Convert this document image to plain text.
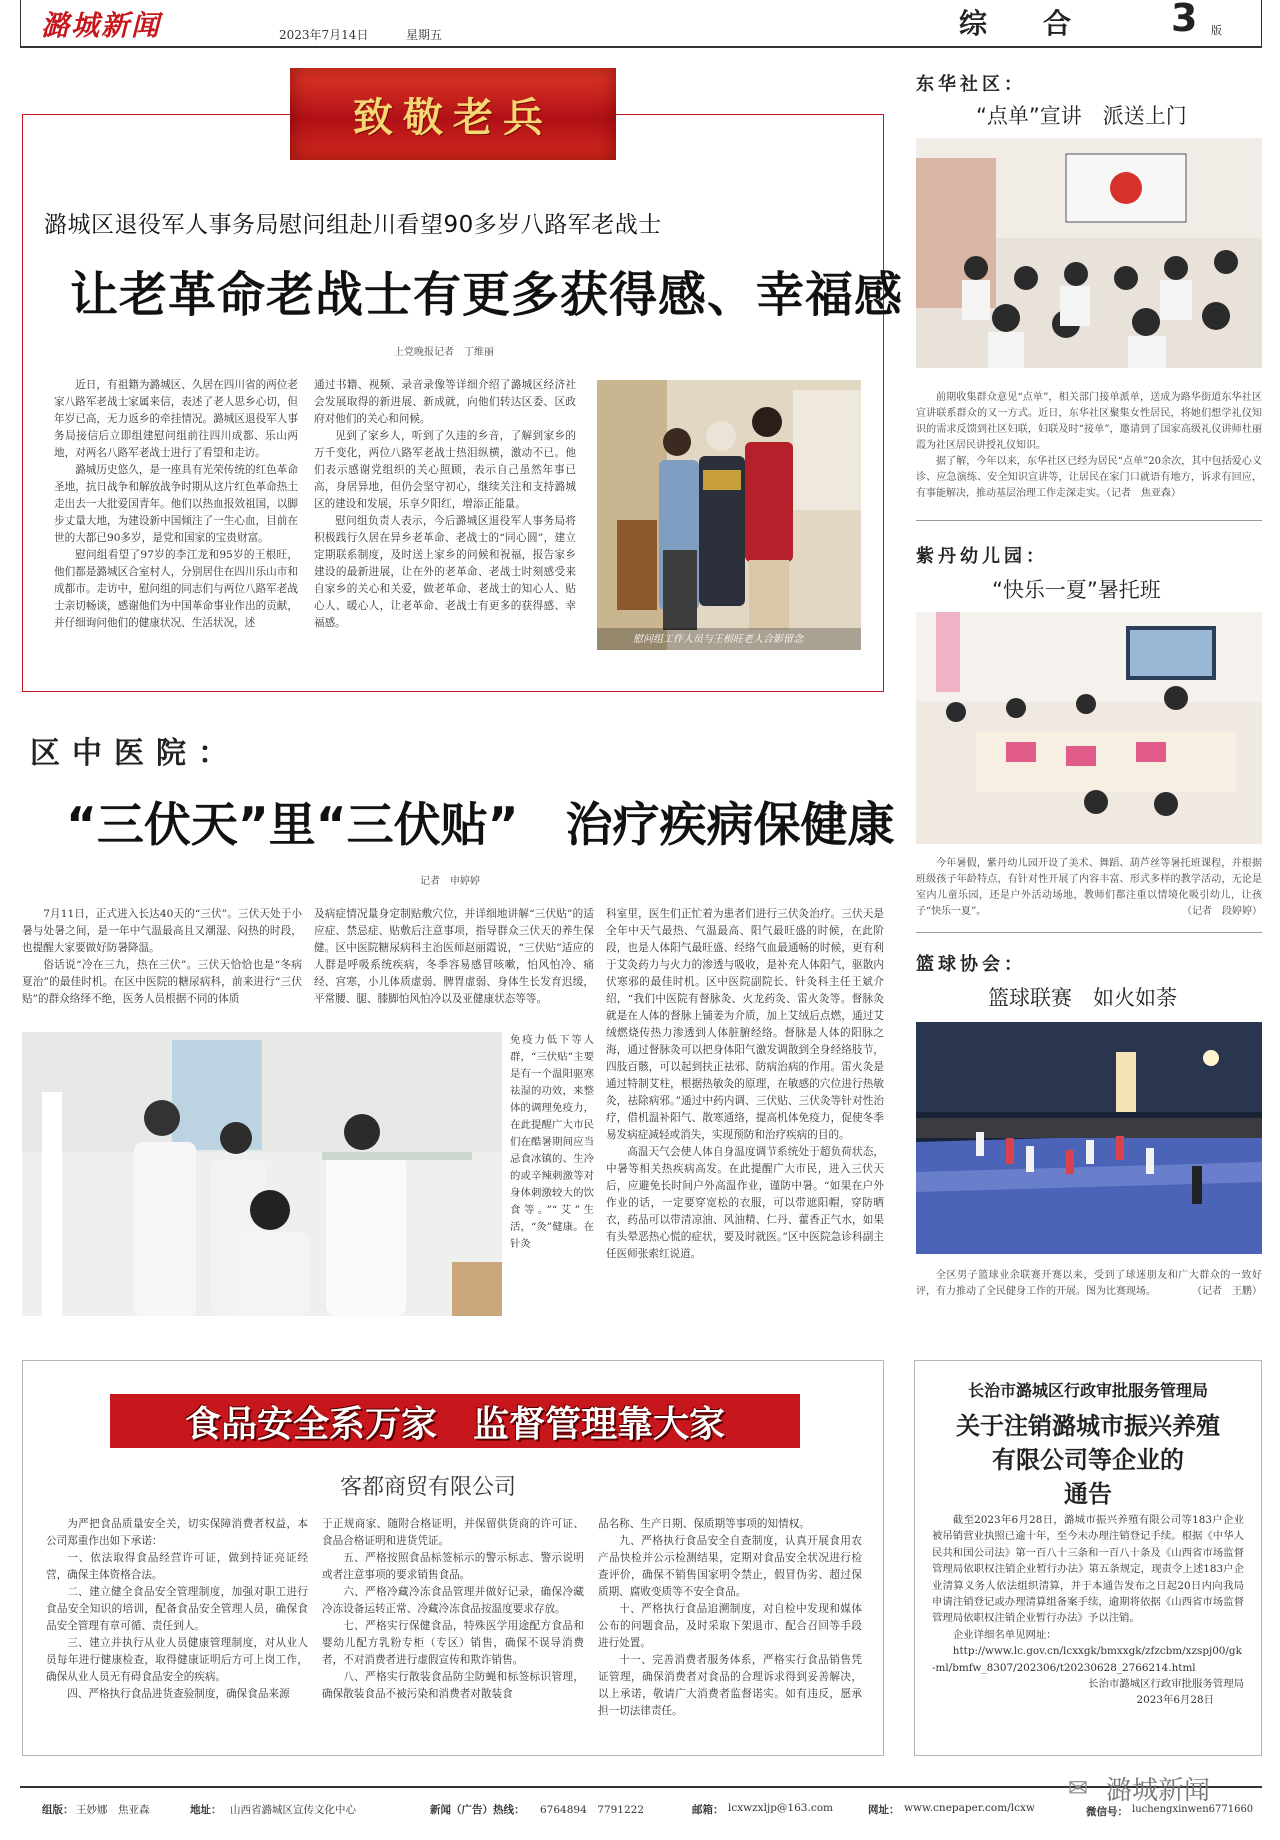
潞城新闻	2023年7月14日	星期五	综　合 3 版
致敬老兵
潞城区退役军人事务局慰问组赴川看望90多岁八路军老战士
让老革命老战士有更多获得感、幸福感
上党晚报记者　丁维丽

近日，有祖籍为潞城区、久居在四川省的两位老家八路军老战士家属来信，表述了老人思乡心切，但年岁已高，无力返乡的牵挂情况。潞城区退役军人事务局接信后立即组建慰问组前往四川成都、乐山两地，对两名八路军老战士进行了看望和走访。

潞城历史悠久，是一座具有光荣传统的红色革命圣地，抗日战争和解放战争时期从这片红色革命热土走出去一大批爱国青年。他们以热血报效祖国，以脚步丈量大地，为建设新中国倾注了一生心血，目前在世的大都已90多岁，是党和国家的宝贵财富。

慰问组看望了97岁的李江龙和95岁的王根旺，他们都是潞城区合室村人，分别居住在四川乐山市和成都市。走访中，慰问组的同志们与两位八路军老战士亲切畅谈，感谢他们为中国革命事业作出的贡献，并仔细询问他们的健康状况、生活状况，述

通过书籍、视频、录音录像等详细介绍了潞城区经济社会发展取得的新进展、新成就，向他们转达区委、区政府对他们的关心和问候。

见到了家乡人，听到了久违的乡音，了解到家乡的万千变化，两位八路军老战士热泪纵横，激动不已。他们表示感谢党组织的关心照顾，表示自己虽然年事已高，身居异地，但仍会坚守初心，继续关注和支持潞城区的建设和发展，乐享夕阳红，增添正能量。

慰问组负责人表示，今后潞城区退役军人事务局将积极践行久居在异乡老革命、老战士的“同心圆”，建立定期联系制度，及时送上家乡的问候和祝福，报告家乡建设的最新进展，让在外的老革命、老战士时刻感受来自家乡的关心和关爱，做老革命、老战士的知心人、贴心人、暖心人，让老革命、老战士有更多的获得感、幸福感。

慰问组工作人员与王根旺老人合影留念
区中医院：
“三伏天”里“三伏贴”　治疗疾病保健康
记者　申婷婷

7月11日，正式进入长达40天的“三伏”。三伏天处于小暑与处暑之间，是一年中气温最高且又潮湿、闷热的时段，也提醒大家要做好防暑降温。

俗话说“冷在三九，热在三伏”。三伏天恰恰也是“冬病夏治”的最佳时机。在区中医院的糖尿病科，前来进行“三伏贴”的群众络绎不绝，医务人员根据不同的体质

及病症情况量身定制贴敷穴位，并详细地讲解“三伏贴”的适应症、禁忌症、贴敷后注意事项，指导群众三伏天的养生保健。区中医院糖尿病科主治医师赵丽霞说，“三伏贴”适应的人群是呼吸系统疾病，冬季容易感冒咳嗽，怕风怕冷、痛经、宫寒，小儿体质虚弱、脾胃虚弱、身体生长发育迟缓，平常腰、腿、膝脚怕风怕冷以及亚健康状态等等。

免疫力低下等人群，“三伏贴”主要是有一个温阳驱寒祛湿的功效，来整体的调理免疫力，在此提醒广大市民们在酷暑期间应当忌食冰镇的、生冷的或辛辣刺激等对身体刺激较大的饮食等。”“艾”生活，“灸”健康。在针灸

科室里，医生们正忙着为患者们进行三伏灸治疗。三伏天是全年中天气最热、气温最高、阳气最旺盛的时候，在此阶段，也是人体阳气最旺盛、经络气血最通畅的时候，更有利于艾灸药力与火力的渗透与吸收，是补充人体阳气，驱散内伏寒邪的最佳时机。区中医院副院长、针灸科主任王斌介绍，“我们中医院有督脉灸、火龙药灸、雷火灸等。督脉灸就是在人体的督脉上铺姜为介质，加上艾绒后点燃，通过艾绒燃烧传热力渗透到人体脏腑经络。督脉是人体的阳脉之海，通过督脉灸可以把身体阳气激发调散到全身经络肢节，四肢百骸，可以起到扶正祛邪、防病治病的作用。雷火灸是通过特制艾柱，根据热敏灸的原理，在敏感的穴位进行热敏灸，祛除病邪。”通过中药内调、三伏贴、三伏灸等针对性治疗，借机温补阳气、散寒通络，提高机体免疫力，促使冬季易发病症减轻或消失，实现预防和治疗疾病的目的。

高温天气会使人体自身温度调节系统处于超负荷状态，中暑等相关热疾病高发。在此提醒广大市民，进入三伏天后，应避免长时间户外高温作业，谨防中暑。“如果在户外作业的话，一定要穿宽松的衣服，可以带遮阳帽，穿防晒衣，药品可以带清凉油、风油精、仁丹、藿香正气水，如果有头晕恶热心慌的症状，要及时就医。”区中医院急诊科副主任医师张索红说道。

食品安全系万家　监督管理靠大家
客都商贸有限公司

为严把食品质量安全关，切实保障消费者权益，本公司郑重作出如下承诺：

一、依法取得食品经营许可证，做到持证亮证经营，确保主体资格合法。

二、建立健全食品安全管理制度，加强对职工进行食品安全知识的培训，配备食品安全管理人员，确保食品安全管理有章可循、责任到人。

三、建立并执行从业人员健康管理制度，对从业人员每年进行健康检查，取得健康证明后方可上岗工作，确保从业人员无有碍食品安全的疾病。

四、严格执行食品进货查验制度，确保食品来源

于正规商家、随附合格证明，并保留供货商的许可证、食品合格证明和进货凭证。

五、严格按照食品标签标示的警示标志、警示说明或者注意事项的要求销售食品。

六、严格冷藏冷冻食品管理并做好记录，确保冷藏冷冻设备运转正常、冷藏冷冻食品按温度要求存放。

七、严格实行保健食品，特殊医学用途配方食品和婴幼儿配方乳粉专柜（专区）销售，确保不误导消费者，不对消费者进行虚假宣传和欺诈销售。

八、严格实行散装食品防尘防蝇和标签标识管理，确保散装食品不被污染和消费者对散装食

品名称、生产日期、保质期等事项的知情权。

九、严格执行食品安全自查制度，认真开展食用农产品快检并公示检测结果，定期对食品安全状况进行检查评价，确保不销售国家明令禁止，假冒伪劣、超过保质期、腐败变质等不安全食品。

十、严格执行食品追溯制度，对自检中发现和媒体公布的问题食品，及时采取下架退市、配合召回等手段进行处置。

十一、完善消费者服务体系，严格实行食品销售凭证管理，确保消费者对食品的合理诉求得到妥善解决，以上承诺，敬请广大消费者监督诺实。如有违反，愿承担一切法律责任。

东华社区：
“点单”宣讲　派送上门

前期收集群众意见“点单”，相关部门接单派单，送成为路华街道东华社区宣讲联系群众的又一方式。近日，东华社区聚集女性居民，将她们想学礼仪知识的需求反馈到社区妇联，妇联及时“接单”，邀请到了国家高级礼仪讲师杜丽霞为社区居民讲授礼仪知识。

据了解，今年以来，东华社区已经为居民“点单”20余次，其中包括爱心义诊、应急演练、安全知识宣讲等，让居民在家门口就语有地方，诉求有回应，有事能解决，推动基层治理工作走深走实。（记者　焦亚森）

紫丹幼儿园：
“快乐一夏”暑托班

今年暑假，紫丹幼儿园开设了美术、舞蹈、葫芦丝等暑托班课程，并根据班级孩子年龄特点，有针对性开展了内容丰富、形式多样的教学活动，无论是室内儿童乐园，还是户外活动场地，教师们都注重以情境化吸引幼儿，让孩子“快乐一夏”。	（记者　段婷婷）

篮球协会：
篮球联赛　如火如荼

全区男子篮球业余联赛开赛以来，受到了球迷朋友和广大群众的一致好评，有力推动了全民健身工作的开展。图为比赛现场。	（记者　王鹏）

长治市潞城区行政审批服务管理局
关于注销潞城市振兴养殖
有限公司等企业的
通告

截至2023年6月28日，潞城市振兴养殖有限公司等183户企业被吊销营业执照已逾十年，至今未办理注销登记手续。根据《中华人民共和国公司法》第一百八十三条和一百八十条及《山西省市场监督管理局依职权注销企业暂行办法》第五条规定，现责令上述183户企业清算义务人依法组织清算，并于本通告发布之日起20日内向我局申请注销登记或办理清算组备案手续，逾期将依据《山西省市场监督管理局依职权注销企业暂行办法》予以注销。

企业详细名单见网址：

http://www.lc.gov.cn/lcxxgk/bmxxgk/zfzcbm/xzspj00/gk-ml/bmfw_8307/202306/t20230628_2766214.html

长治市潞城区行政审批服务管理局

2023年6月28日

组版： 王妙娜　焦亚森	地址： 山西省潞城区宣传文化中心	新闻（广告）热线： 6764894　7791222	邮箱： lcxwzxljp@163.com	网址： www.cnepaper.com/lcxw
✉ 潞城新闻
微信号： luchengxinwen6771660
